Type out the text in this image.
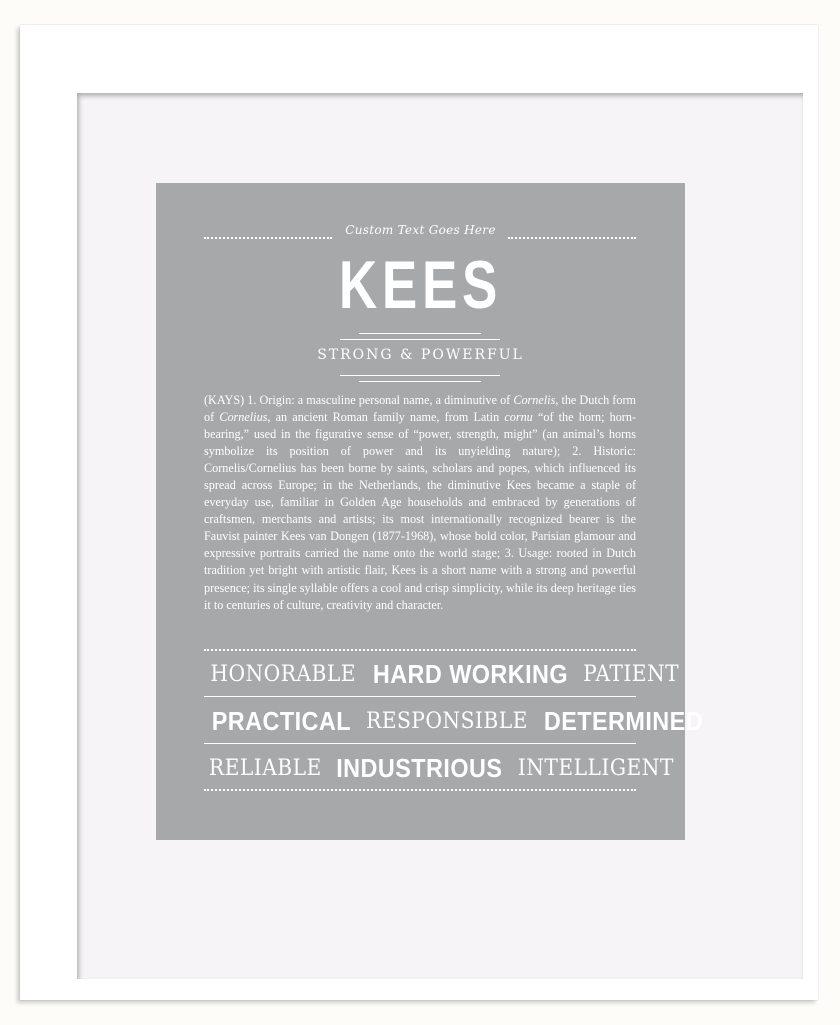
Custom Text Goes Here
KEES
STRONG & POWERFUL

(KAYS) 1. Origin: a masculine personal name, a diminutive of Cornelis, the Dutch form of Cornelius, an ancient Roman family name, from Latin cornu “of the horn; horn-bearing,” used in the figurative sense of “power, strength, might” (an animal’s horns symbolize its position of power and its unyielding nature); 2. Historic: Cornelis/Cornelius has been borne by saints, scholars and popes, which influenced its spread across Europe; in the Netherlands, the diminutive Kees became a staple of everyday use, familiar in Golden Age households and embraced by generations of craftsmen, merchants and artists; its most internationally recognized bearer is the Fauvist painter Kees van Dongen (1877-1968), whose bold color, Parisian glamour and expressive portraits carried the name onto the world stage; 3. Usage: rooted in Dutch tradition yet bright with artistic flair, Kees is a short name with a strong and powerful presence; its single syllable offers a cool and crisp simplicity, while its deep heritage ties it to centuries of culture, creativity and character.

HONORABLE HARD WORKING PATIENT
PRACTICAL RESPONSIBLE DETERMINED
RELIABLE INDUSTRIOUS INTELLIGENT
